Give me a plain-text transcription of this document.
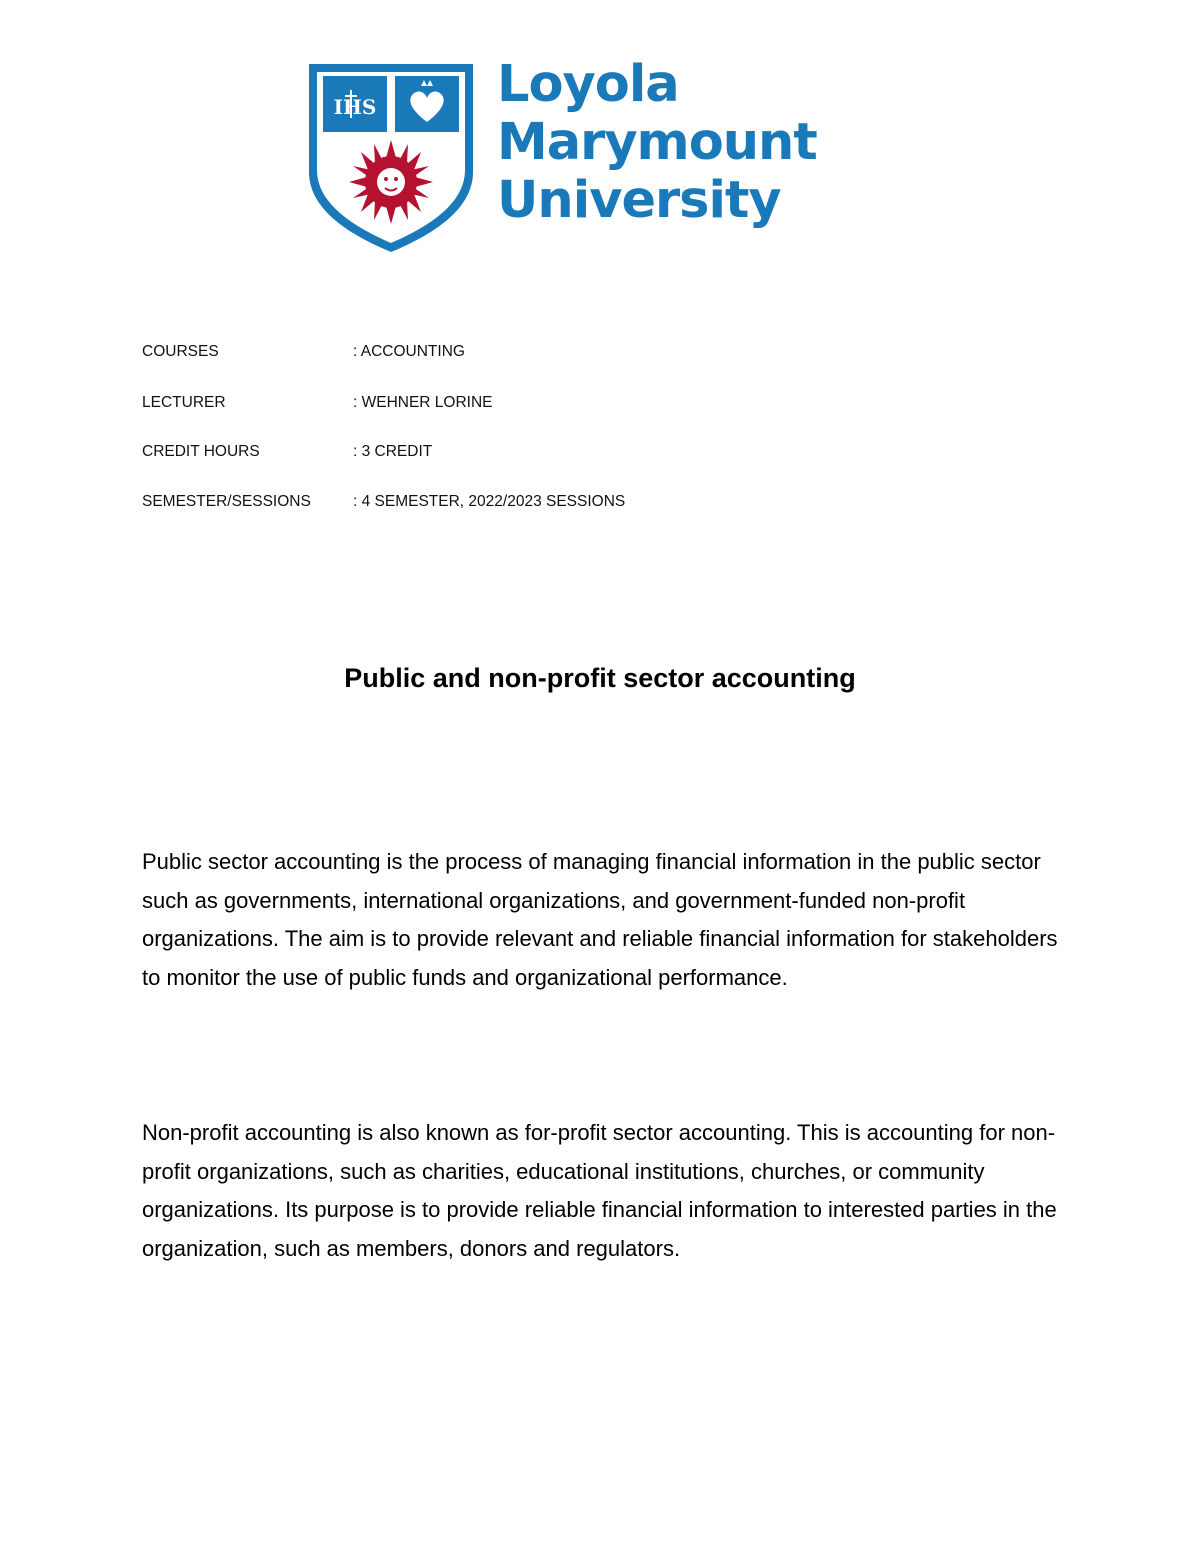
IHS Loyola
Marymount
University
COURSES	: ACCOUNTING
LECTURER	: WEHNER LORINE
CREDIT HOURS	: 3 CREDIT
SEMESTER/SESSIONS	: 4 SEMESTER, 2022/2023 SESSIONS
Public and non-profit sector accounting

Public sector accounting is the process of managing financial information in the public sector such as governments, international organizations, and government-funded non-profit organizations. The aim is to provide relevant and reliable financial information for stakeholders to monitor the use of public funds and organizational performance.

Non-profit accounting is also known as for-profit sector accounting. This is accounting for non-profit organizations, such as charities, educational institutions, churches, or community organizations. Its purpose is to provide reliable financial information to interested parties in the organization, such as members, donors and regulators.
